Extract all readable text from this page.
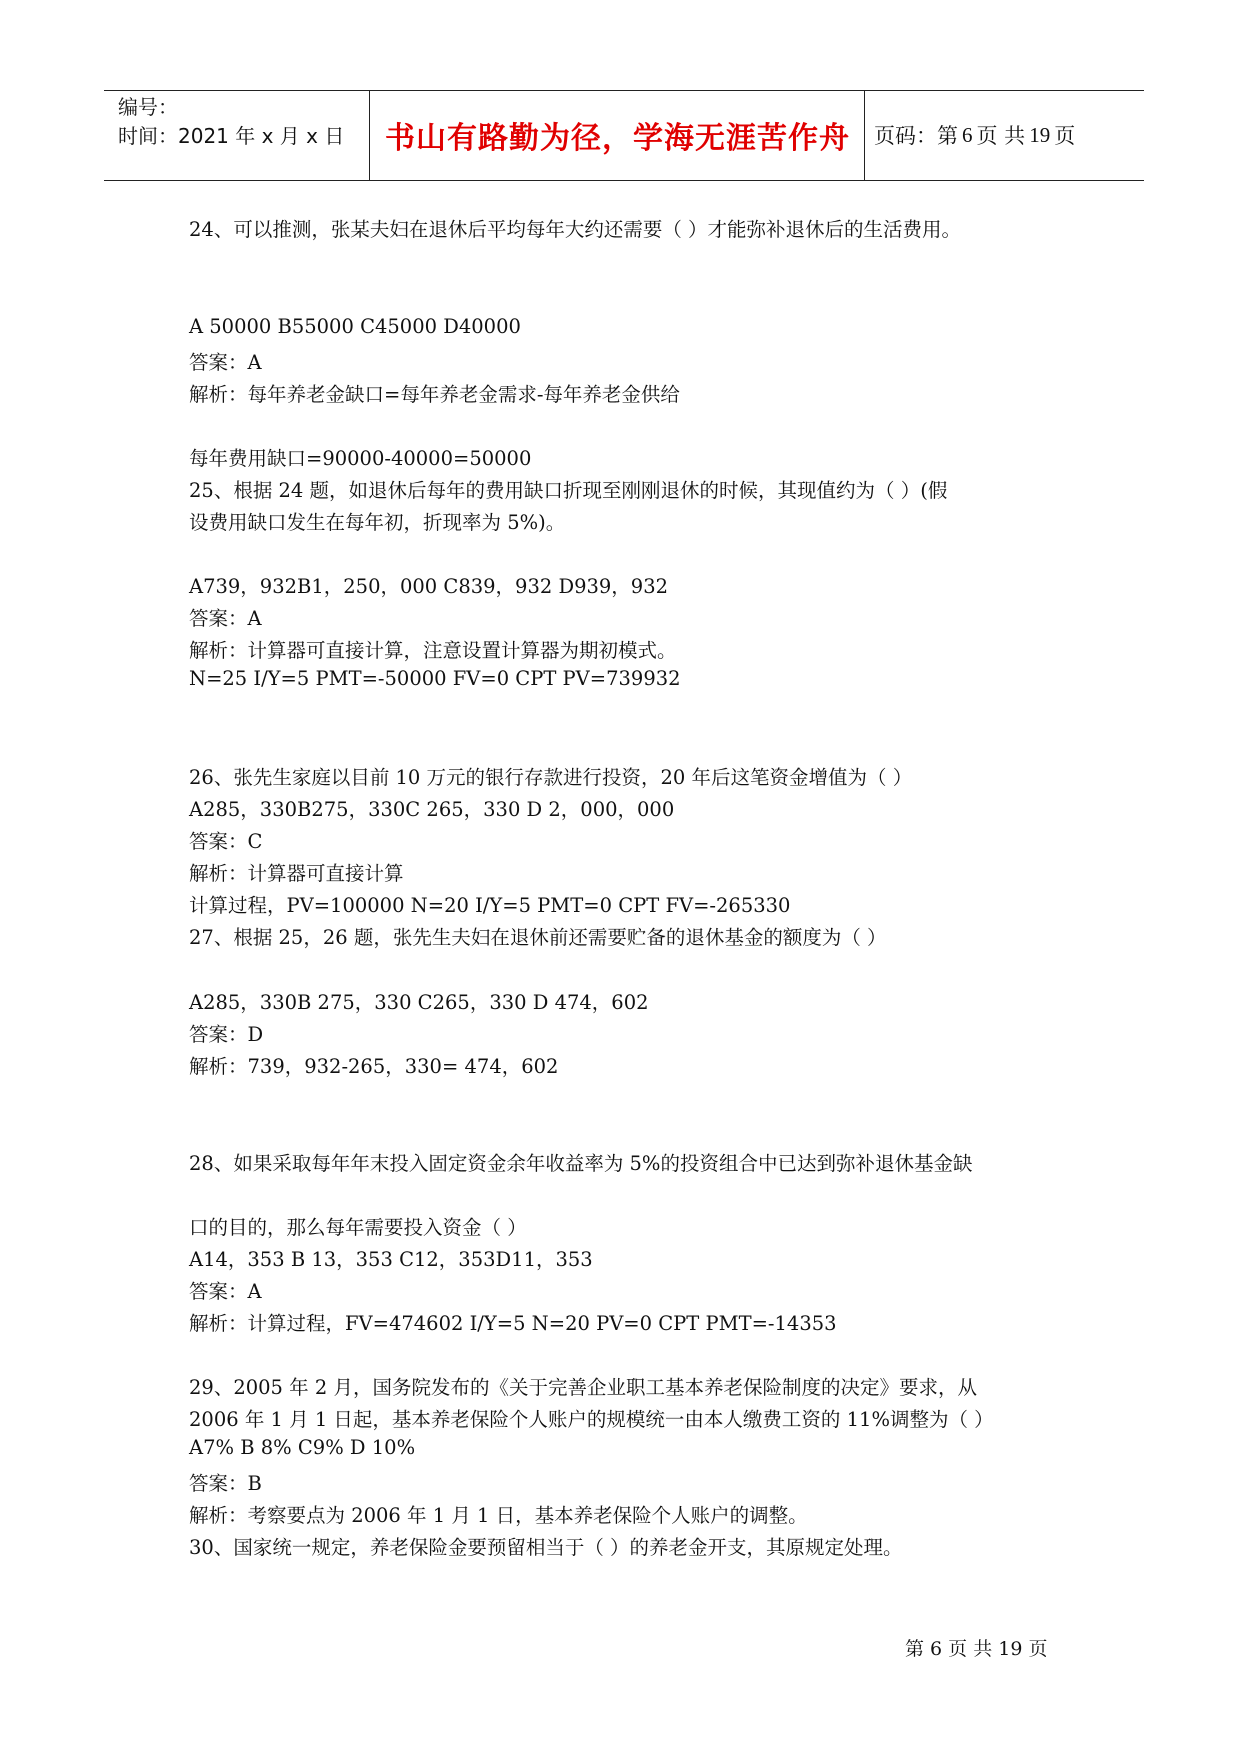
编号：
时间：2021 年 x 月 x 日	书山有路勤为径，学海无涯苦作舟	页码：第 6 页 共 19 页

24、可以推测，张某夫妇在退休后平均每年大约还需要（ ）才能弥补退休后的生活费用。

A 50000 B55000 C45000 D40000

答案：A

解析：每年养老金缺口=每年养老金需求-每年养老金供给

每年费用缺口=90000-40000=50000

25、根据 24 题，如退休后每年的费用缺口折现至刚刚退休的时候，其现值约为（ ）(假

设费用缺口发生在每年初，折现率为 5%)。

A739，932B1，250，000 C839，932 D939，932

答案：A

解析：计算器可直接计算，注意设置计算器为期初模式。

N=25 I/Y=5 PMT=-50000 FV=0 CPT PV=739932

26、张先生家庭以目前 10 万元的银行存款进行投资，20 年后这笔资金增值为（ ）

A285，330B275，330C 265，330 D 2，000，000

答案：C

解析：计算器可直接计算

计算过程，PV=100000 N=20 I/Y=5 PMT=0 CPT FV=-265330

27、根据 25，26 题，张先生夫妇在退休前还需要贮备的退休基金的额度为（ ）

A285，330B 275，330 C265，330 D 474，602

答案：D

解析：739，932-265，330= 474，602

28、如果采取每年年末投入固定资金余年收益率为 5%的投资组合中已达到弥补退休基金缺

口的目的，那么每年需要投入资金（ ）

A14，353 B 13，353 C12，353D11，353

答案：A

解析：计算过程，FV=474602 I/Y=5 N=20 PV=0 CPT PMT=-14353

29、2005 年 2 月，国务院发布的《关于完善企业职工基本养老保险制度的决定》要求，从

2006 年 1 月 1 日起，基本养老保险个人账户的规模统一由本人缴费工资的 11%调整为（ ）

A7% B 8% C9% D 10%

答案：B

解析：考察要点为 2006 年 1 月 1 日，基本养老保险个人账户的调整。

30、国家统一规定，养老保险金要预留相当于（ ）的养老金开支，其原规定处理。

第 6 页 共 19 页
